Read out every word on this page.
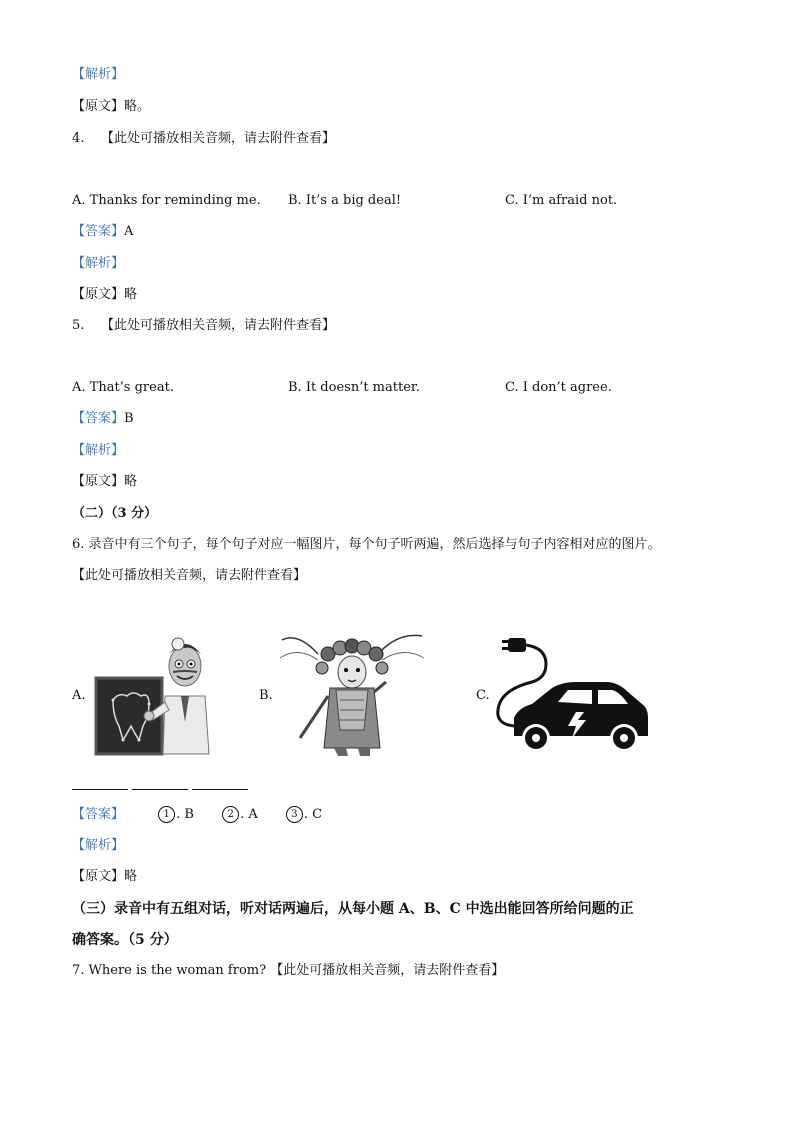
【解析】
【原文】略。
4. 【此处可播放相关音频，请去附件查看】
A. Thanks for reminding me. B. It’s a big deal!	C. I’m afraid not.
【答案】A
【解析】
【原文】略
5. 【此处可播放相关音频，请去附件查看】
A. That’s great.	B. It doesn’t matter.	C. I don’t agree.
【答案】B
【解析】
【原文】略
（二）（3 分）
6. 录音中有三个句子，每个句子对应一幅图片，每个句子听两遍，然后选择与句子内容相对应的图片。
【此处可播放相关音频，请去附件查看】
A.	B.	C.
【答案】	1 . B	2 . A	3 . C
【解析】
【原文】略
（三）录音中有五组对话，听对话两遍后，从每小题 A、B、C 中选出能回答所给问题的正
确答案。（5 分）
7. Where is the woman from? 【此处可播放相关音频，请去附件查看】
